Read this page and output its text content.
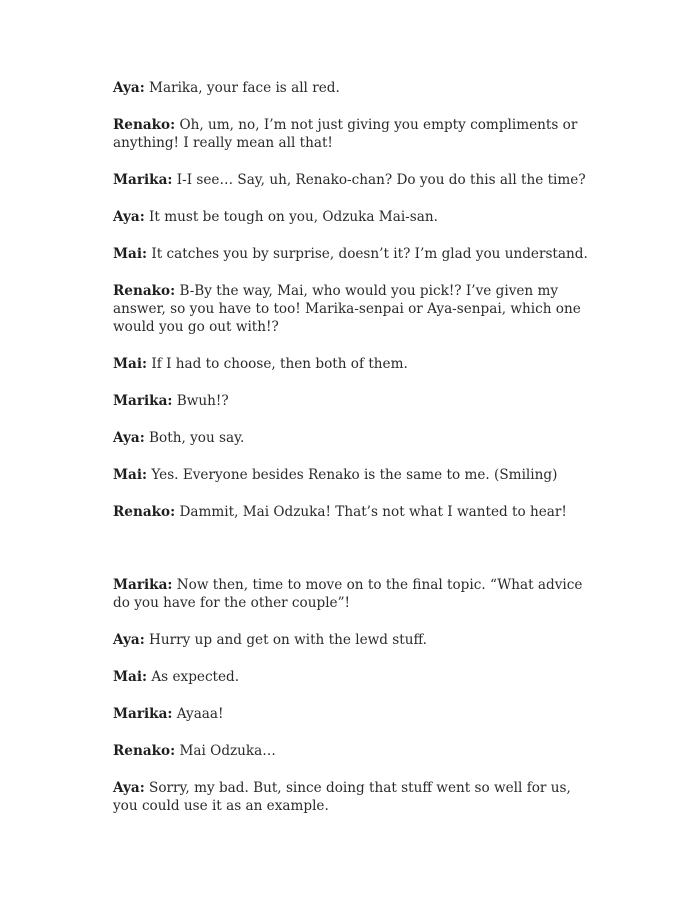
Aya: Marika, your face is all red.

Renako: Oh, um, no, I’m not just giving you empty compliments or anything! I really mean all that!

Marika: I-I see… Say, uh, Renako-chan? Do you do this all the time?

Aya: It must be tough on you, Odzuka Mai-san.

Mai: It catches you by surprise, doesn’t it? I’m glad you understand.

Renako: B-By the way, Mai, who would you pick!? I’ve given my answer, so you have to too! Marika-senpai or Aya-senpai, which one would you go out with!?

Mai: If I had to choose, then both of them.

Marika: Bwuh!?

Aya: Both, you say.

Mai: Yes. Everyone besides Renako is the same to me. (Smiling)

Renako: Dammit, Mai Odzuka! That’s not what I wanted to hear!

Marika: Now then, time to move on to the final topic. “What advice do you have for the other couple”!

Aya: Hurry up and get on with the lewd stuff.

Mai: As expected.

Marika: Ayaaa!

Renako: Mai Odzuka…

Aya: Sorry, my bad. But, since doing that stuff went so well for us, you could use it as an example.
